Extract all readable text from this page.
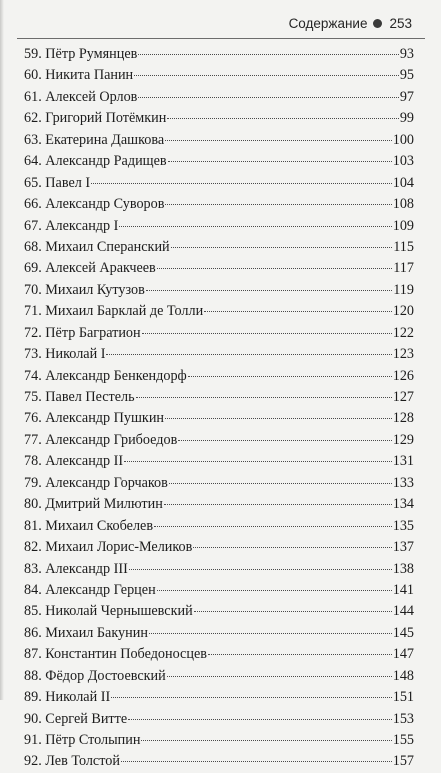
Содержание 253
59. Пётр Румянцев	93
60. Никита Панин	95
61. Алексей Орлов	97
62. Григорий Потёмкин	99
63. Екатерина Дашкова	100
64. Александр Радищев	103
65. Павел I	104
66. Александр Суворов	108
67. Александр I	109
68. Михаил Сперанский	115
69. Алексей Аракчеев	117
70. Михаил Кутузов	119
71. Михаил Барклай де Толли	120
72. Пётр Багратион	122
73. Николай I	123
74. Александр Бенкендорф	126
75. Павел Пестель	127
76. Александр Пушкин	128
77. Александр Грибоедов	129
78. Александр II	131
79. Александр Горчаков	133
80. Дмитрий Милютин	134
81. Михаил Скобелев	135
82. Михаил Лорис-Меликов	137
83. Александр III	138
84. Александр Герцен	141
85. Николай Чернышевский	144
86. Михаил Бакунин	145
87. Константин Победоносцев	147
88. Фёдор Достоевский	148
89. Николай II	151
90. Сергей Витте	153
91. Пётр Столыпин	155
92. Лев Толстой	157
